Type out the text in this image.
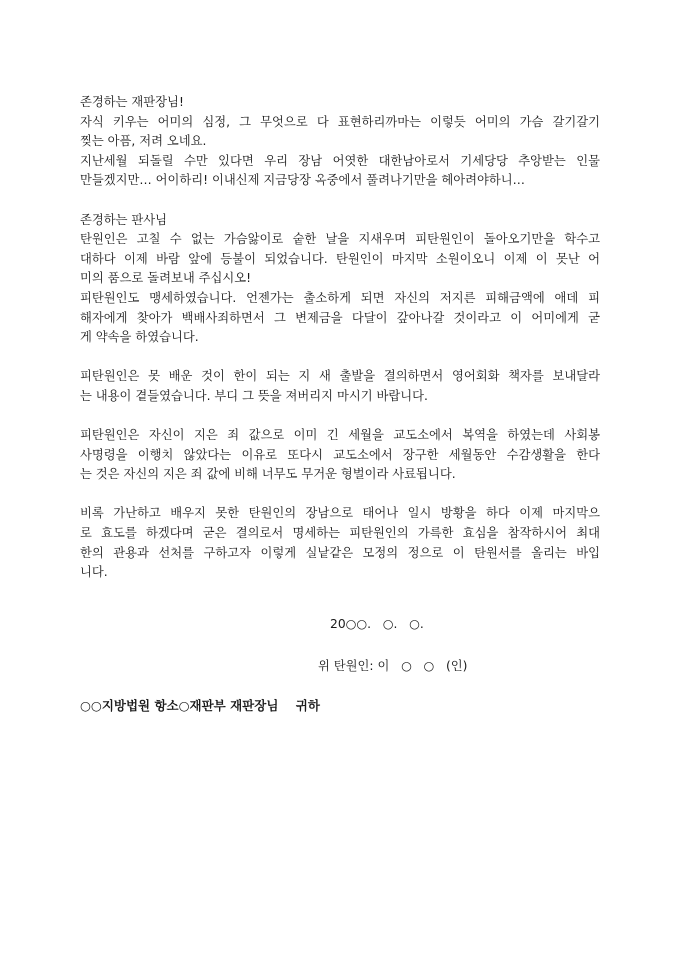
존경하는 재판장님!

자식 키우는 어미의 심정, 그 무엇으로 다 표현하리까마는 이렇듯 어미의 가슴 갈기갈기
찢는 아픔, 저려 오네요.

지난세월 되돌릴 수만 있다면 우리 장남 어엿한 대한남아로서 기세당당 추앙받는 인물
만들겠지만… 어이하리! 이내신제 지금당장 옥중에서 풀려나기만을 헤아려야하니…

존경하는 판사님

탄원인은 고칠 수 없는 가슴앓이로 숱한 날을 지새우며 피탄원인이 돌아오기만을 학수고
대하다 이제 바람 앞에 등불이 되었습니다. 탄원인이 마지막 소원이오니 이제 이 못난 어
미의 품으로 돌려보내 주십시오!

피탄원인도 맹세하였습니다. 언젠가는 출소하게 되면 자신의 저지른 피해금액에 애데 피
해자에게 찾아가 백배사죄하면서 그 변제금을 다달이 갚아나갈 것이라고 이 어미에게 굳
게 약속을 하였습니다.

피탄원인은 못 배운 것이 한이 되는 지 새 출발을 결의하면서 영어회화 책자를 보내달라
는 내용이 곁들였습니다. 부디 그 뜻을 져버리지 마시기 바랍니다.

피탄원인은 자신이 지은 죄 값으로 이미 긴 세월을 교도소에서 복역을 하였는데 사회봉
사명령을 이행치 않았다는 이유로 또다시 교도소에서 장구한 세월동안 수감생활을 한다
는 것은 자신의 지은 죄 값에 비해 너무도 무거운 형벌이라 사료됩니다.

비록 가난하고 배우지 못한 탄원인의 장남으로 태어나 일시 방황을 하다 이제 마지막으
로 효도를 하겠다며 굳은 결의로서 명세하는 피탄원인의 가륵한 효심을 참작하시어 최대
한의 관용과 선처를 구하고자 이렇게 실낱같은 모정의 정으로 이 탄원서를 올리는 바입
니다.

20○○.   ○.   ○.
위 탄원인: 이   ○   ○   (인)
○○지방법원 항소○재판부 재판장님    귀하
